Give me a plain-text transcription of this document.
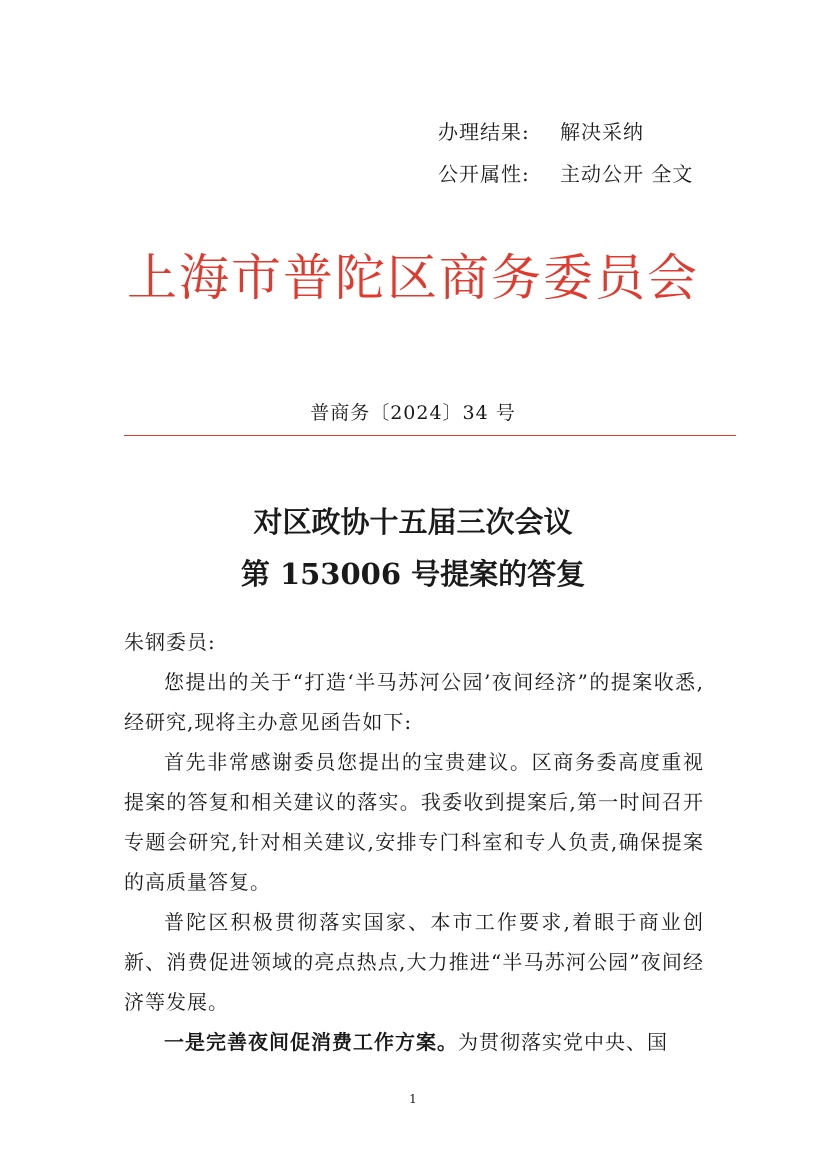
办理结果: 解决采纳
公开属性: 主动公开 全文
上海市普陀区商务委员会
普商务〔2024〕34 号
对区政协十五届三次会议
第 153006 号提案的答复

朱钢委员:

您提出的关于“打造‘半马苏河公园’夜间经济”的提案收悉,经研究,现将主办意见函告如下:

首先非常感谢委员您提出的宝贵建议。区商务委高度重视提案的答复和相关建议的落实。我委收到提案后,第一时间召开专题会研究,针对相关建议,安排专门科室和专人负责,确保提案的高质量答复。

普陀区积极贯彻落实国家、本市工作要求,着眼于商业创新、消费促进领域的亮点热点,大力推进“半马苏河公园”夜间经济等发展。

一是完善夜间促消费工作方案。为贯彻落实党中央、国

1
